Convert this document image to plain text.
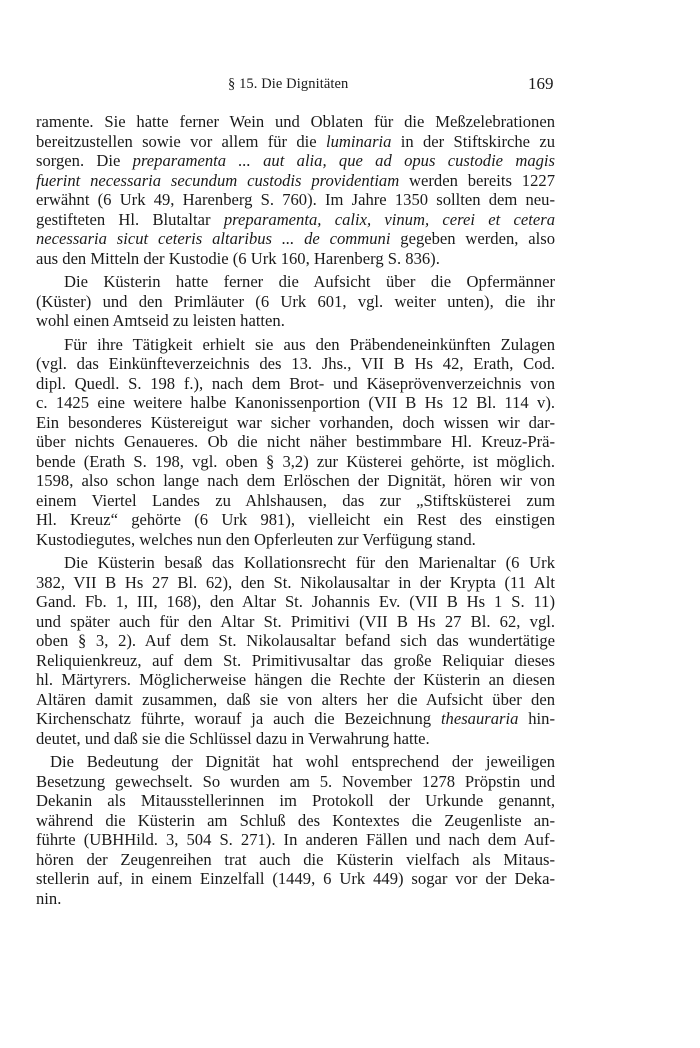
§ 15. Die Dignitäten	169
ramente. Sie hatte ferner Wein und Oblaten für die Meßzelebrationen
bereitzustellen sowie vor allem für die luminaria in der Stiftskirche zu
sorgen. Die preparamenta ... aut alia, que ad opus custodie magis
fuerint necessaria secundum custodis providentiam werden bereits 1227
erwähnt (6 Urk 49, Harenberg S. 760). Im Jahre 1350 sollten dem neu-
gestifteten Hl. Blutaltar preparamenta, calix, vinum, cerei et cetera
necessaria sicut ceteris altaribus ... de communi gegeben werden, also
aus den Mitteln der Kustodie (6 Urk 160, Harenberg S. 836).
Die Küsterin hatte ferner die Aufsicht über die Opfermänner
(Küster) und den Primläuter (6 Urk 601, vgl. weiter unten), die ihr
wohl einen Amtseid zu leisten hatten.
Für ihre Tätigkeit erhielt sie aus den Präbendeneinkünften Zulagen
(vgl. das Einkünfteverzeichnis des 13. Jhs., VII B Hs 42, Erath, Cod.
dipl. Quedl. S. 198 f.), nach dem Brot- und Käseprövenverzeichnis von
c. 1425 eine weitere halbe Kanonissenportion (VII B Hs 12 Bl. 114 v).
Ein besonderes Küstereigut war sicher vorhanden, doch wissen wir dar-
über nichts Genaueres. Ob die nicht näher bestimmbare Hl. Kreuz-Prä-
bende (Erath S. 198, vgl. oben § 3,2) zur Küsterei gehörte, ist möglich.
1598, also schon lange nach dem Erlöschen der Dignität, hören wir von
einem Viertel Landes zu Ahlshausen, das zur „Stiftsküsterei zum
Hl. Kreuz“ gehörte (6 Urk 981), vielleicht ein Rest des einstigen
Kustodiegutes, welches nun den Opferleuten zur Verfügung stand.
Die Küsterin besaß das Kollationsrecht für den Marienaltar (6 Urk
382, VII B Hs 27 Bl. 62), den St. Nikolausaltar in der Krypta (11 Alt
Gand. Fb. 1, III, 168), den Altar St. Johannis Ev. (VII B Hs 1 S. 11)
und später auch für den Altar St. Primitivi (VII B Hs 27 Bl. 62, vgl.
oben § 3, 2). Auf dem St. Nikolausaltar befand sich das wundertätige
Reliquienkreuz, auf dem St. Primitivusaltar das große Reliquiar dieses
hl. Märtyrers. Möglicherweise hängen die Rechte der Küsterin an diesen
Altären damit zusammen, daß sie von alters her die Aufsicht über den
Kirchenschatz führte, worauf ja auch die Bezeichnung thesauraria hin-
deutet, und daß sie die Schlüssel dazu in Verwahrung hatte.
Die Bedeutung der Dignität hat wohl entsprechend der jeweiligen
Besetzung gewechselt. So wurden am 5. November 1278 Pröpstin und
Dekanin als Mitausstellerinnen im Protokoll der Urkunde genannt,
während die Küsterin am Schluß des Kontextes die Zeugenliste an-
führte (UBHHild. 3, 504 S. 271). In anderen Fällen und nach dem Auf-
hören der Zeugenreihen trat auch die Küsterin vielfach als Mitaus-
stellerin auf, in einem Einzelfall (1449, 6 Urk 449) sogar vor der Deka-
nin.
